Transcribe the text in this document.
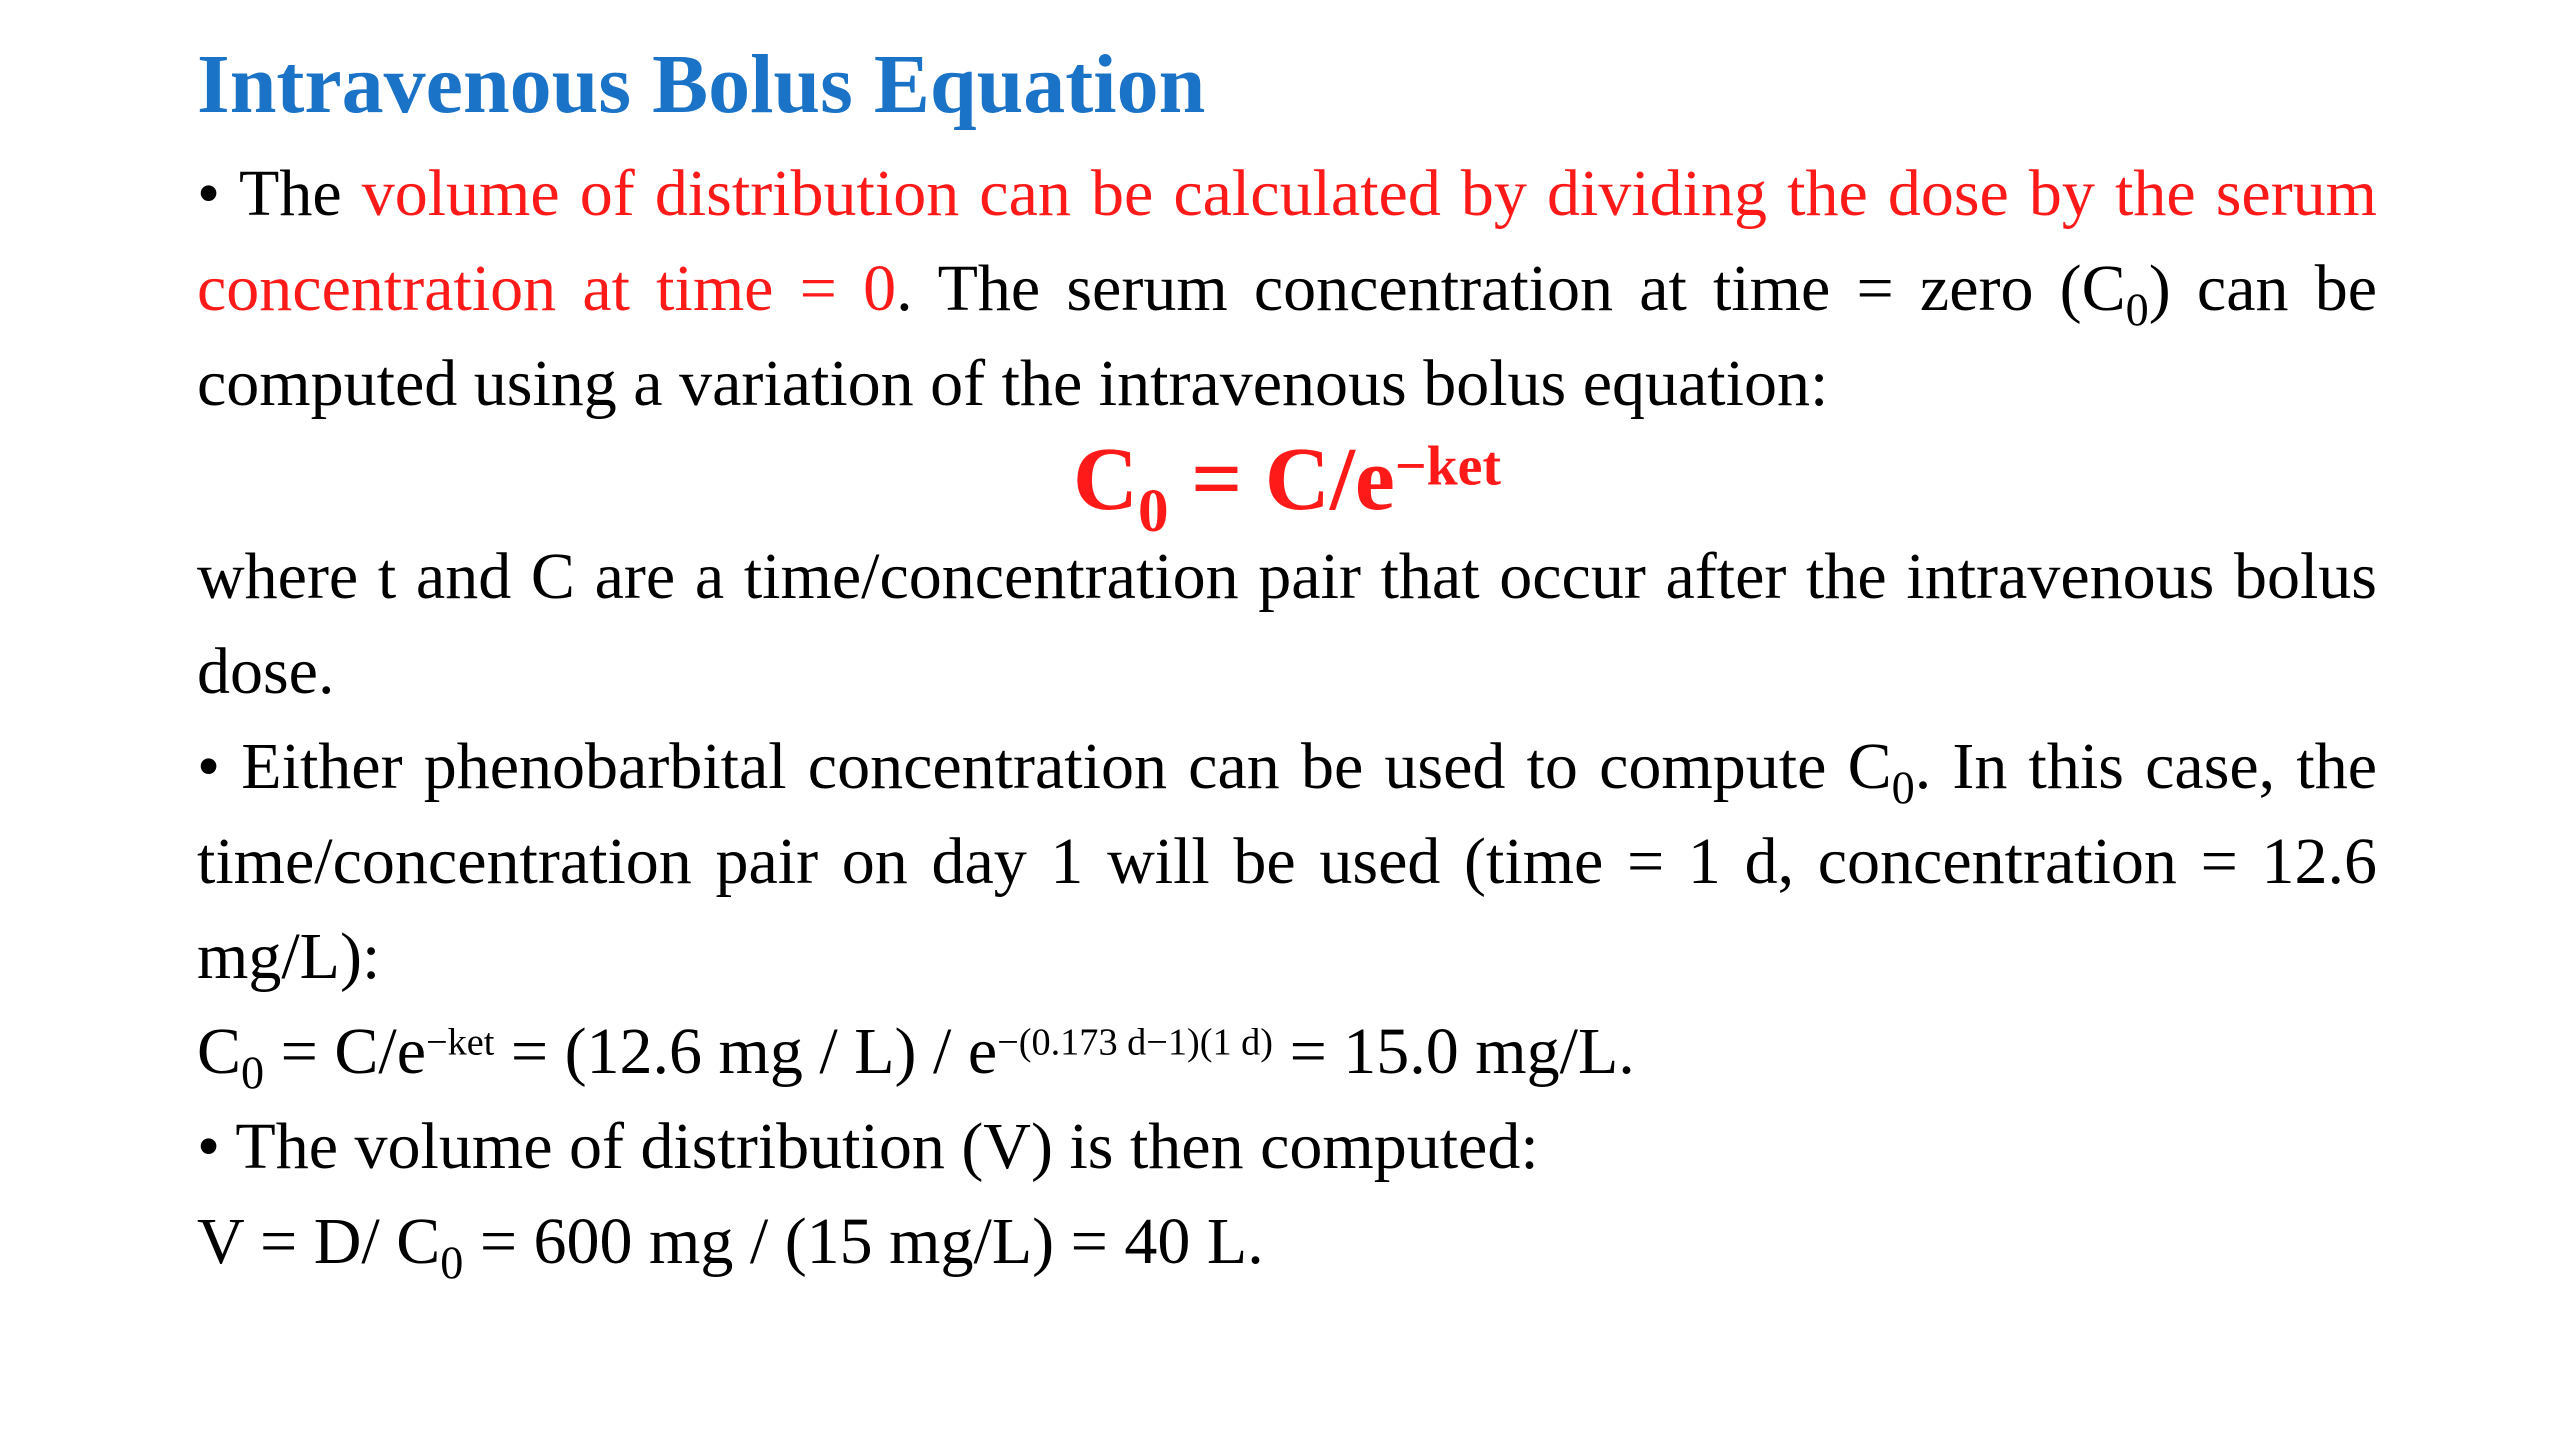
Intravenous Bolus Equation

• The volume of distribution can be calculated by dividing the dose by the serum concentration at time = 0. The serum concentration at time = zero $(C_0)$ can be computed using a variation of the intravenous bolus equation:

$C_0 = C/e^{-ket}$

where t and C are a time/concentration pair that occur after the intravenous bolus dose.

• Either phenobarbital concentration can be used to compute $C_0$. In this case, the time/concentration pair on day 1 will be used (time = 1 d, concentration = 12.6 mg/L):

$C_0 = C/e^{-ket} = (12.6$ mg / $L) / e^{-(0.173 d-1)(1 d)} = 15.0$ mg/L.

• The volume of distribution (V) is then computed:

V = D/ $C_0 = 600$ mg / (15 mg/L) = 40 L.
